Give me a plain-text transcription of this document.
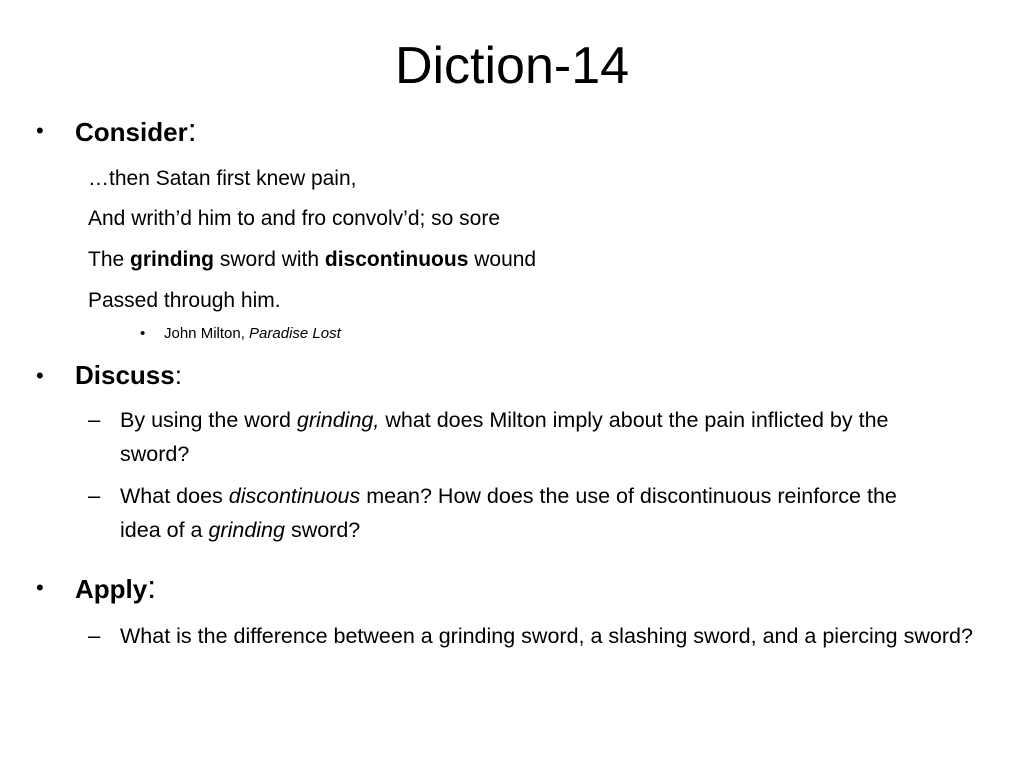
Diction-14
• Consider:
…then Satan first knew pain,
And writh’d him to and fro convolv’d; so sore
The grinding sword with discontinuous wound
Passed through him.
• John Milton, Paradise Lost
• Discuss:
– By using the word grinding, what does Milton imply about the pain inflicted by the sword?
– What does discontinuous mean? How does the use of discontinuous reinforce the idea of a grinding sword?
• Apply:
– What is the difference between a grinding sword, a slashing sword, and a piercing sword?
